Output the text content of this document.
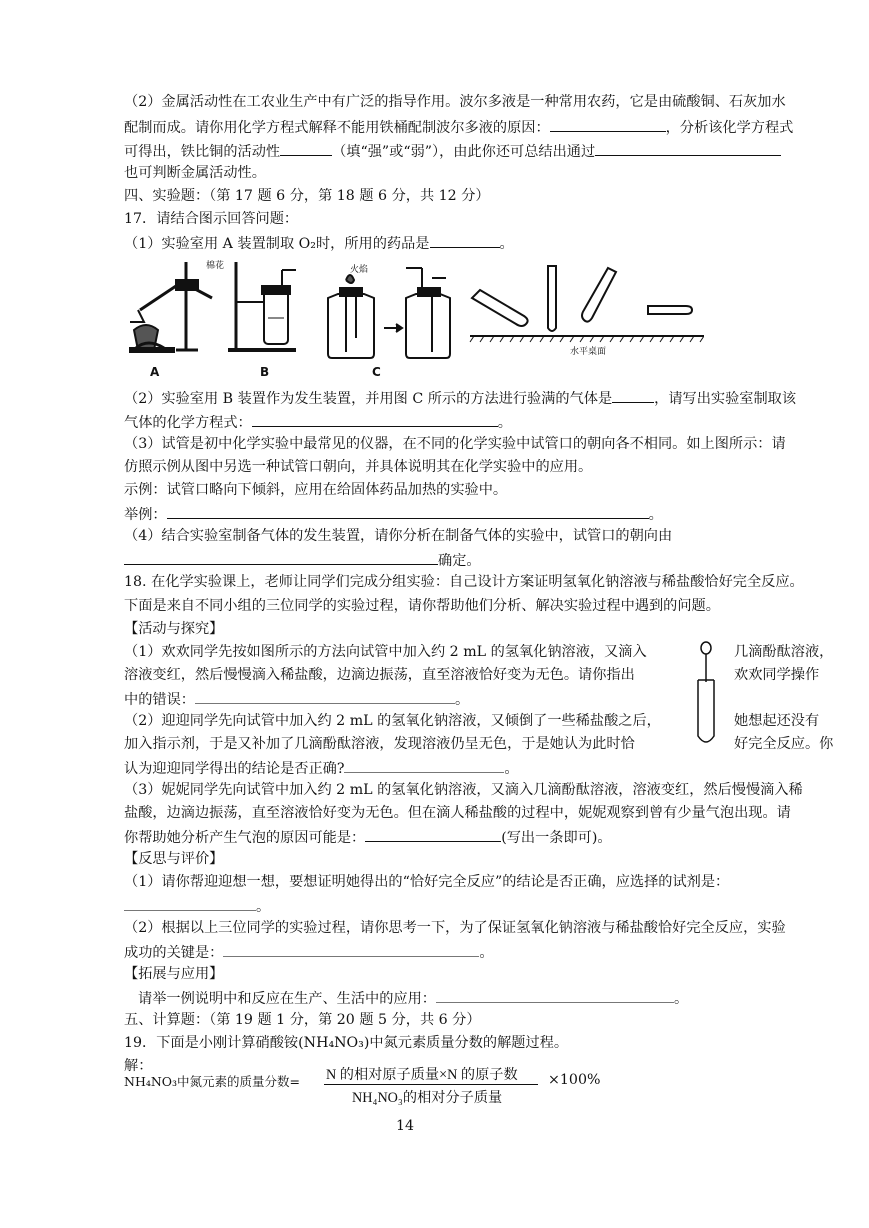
（2）金属活动性在工农业生产中有广泛的指导作用。波尔多液是一种常用农药，它是由硫酸铜、石灰加水
配制而成。请你用化学方程式解释不能用铁桶配制波尔多液的原因：	，分析该化学方程式
可得出，铁比铜的活动性	（填“强”或“弱”），由此你还可总结出通过
也可判断金属活动性。
四、实验题：（第 17 题 6 分，第 18 题 6 分，共 12 分）
17．请结合图示回答问题：
（1）实验室用 A 装置制取 O₂时，所用的药品是	。
棉花	火焰
水平桌面
A	B	C
（2）实验室用 B 装置作为发生装置，并用图 C 所示的方法进行验满的气体是	，请写出实验室制取该
气体的化学方程式：	。
（3）试管是初中化学实验中最常见的仪器，在不同的化学实验中试管口的朝向各不相同。如上图所示：请
仿照示例从图中另选一种试管口朝向，并具体说明其在化学实验中的应用。
示例：试管口略向下倾斜，应用在给固体药品加热的实验中。
举例：	。
（4）结合实验室制备气体的发生装置，请你分析在制备气体的实验中，试管口的朝向由
确定。
18. 在化学实验课上，老师让同学们完成分组实验：自己设计方案证明氢氧化钠溶液与稀盐酸恰好完全反应。
下面是来自不同小组的三位同学的实验过程，请你帮助他们分析、解决实验过程中遇到的问题。
【活动与探究】
（1）欢欢同学先按如图所示的方法向试管中加入约 2 mL 的氢氧化钠溶液，又滴入	几滴酚酞溶液，
溶液变红，然后慢慢滴入稀盐酸，边滴边振荡，直至溶液恰好变为无色。请你指出	欢欢同学操作
中的错误：	。
（2）迎迎同学先向试管中加入约 2 mL 的氢氧化钠溶液，又倾倒了一些稀盐酸之后，	她想起还没有
加入指示剂，于是又补加了几滴酚酞溶液，发现溶液仍呈无色，于是她认为此时恰	好完全反应。你
认为迎迎同学得出的结论是否正确?	。
（3）妮妮同学先向试管中加入约 2 mL 的氢氧化钠溶液，又滴入几滴酚酞溶液，溶液变红，然后慢慢滴入稀
盐酸，边滴边振荡，直至溶液恰好变为无色。但在滴人稀盐酸的过程中，妮妮观察到曾有少量气泡出现。请
你帮助她分析产生气泡的原因可能是：	(写出一条即可)。
【反思与评价】
（1）请你帮迎迎想一想，要想证明她得出的“恰好完全反应”的结论是否正确，应选择的试剂是：
。
（2）根据以上三位同学的实验过程，请你思考一下，为了保证氢氧化钠溶液与稀盐酸恰好完全反应，实验
成功的关键是：	。
【拓展与应用】
请举一例说明中和反应在生产、生活中的应用：	。
五、计算题：（第 19 题 1 分，第 20 题 5 分，共 6 分）
19．下面是小刚计算硝酸铵(NH₄NO₃)中氮元素质量分数的解题过程。
解：
NH₄NO₃中氮元素的质量分数= N 的相对原子质量×N 的原子数
NH₄NO₃的相对分子质量
×100%
14
